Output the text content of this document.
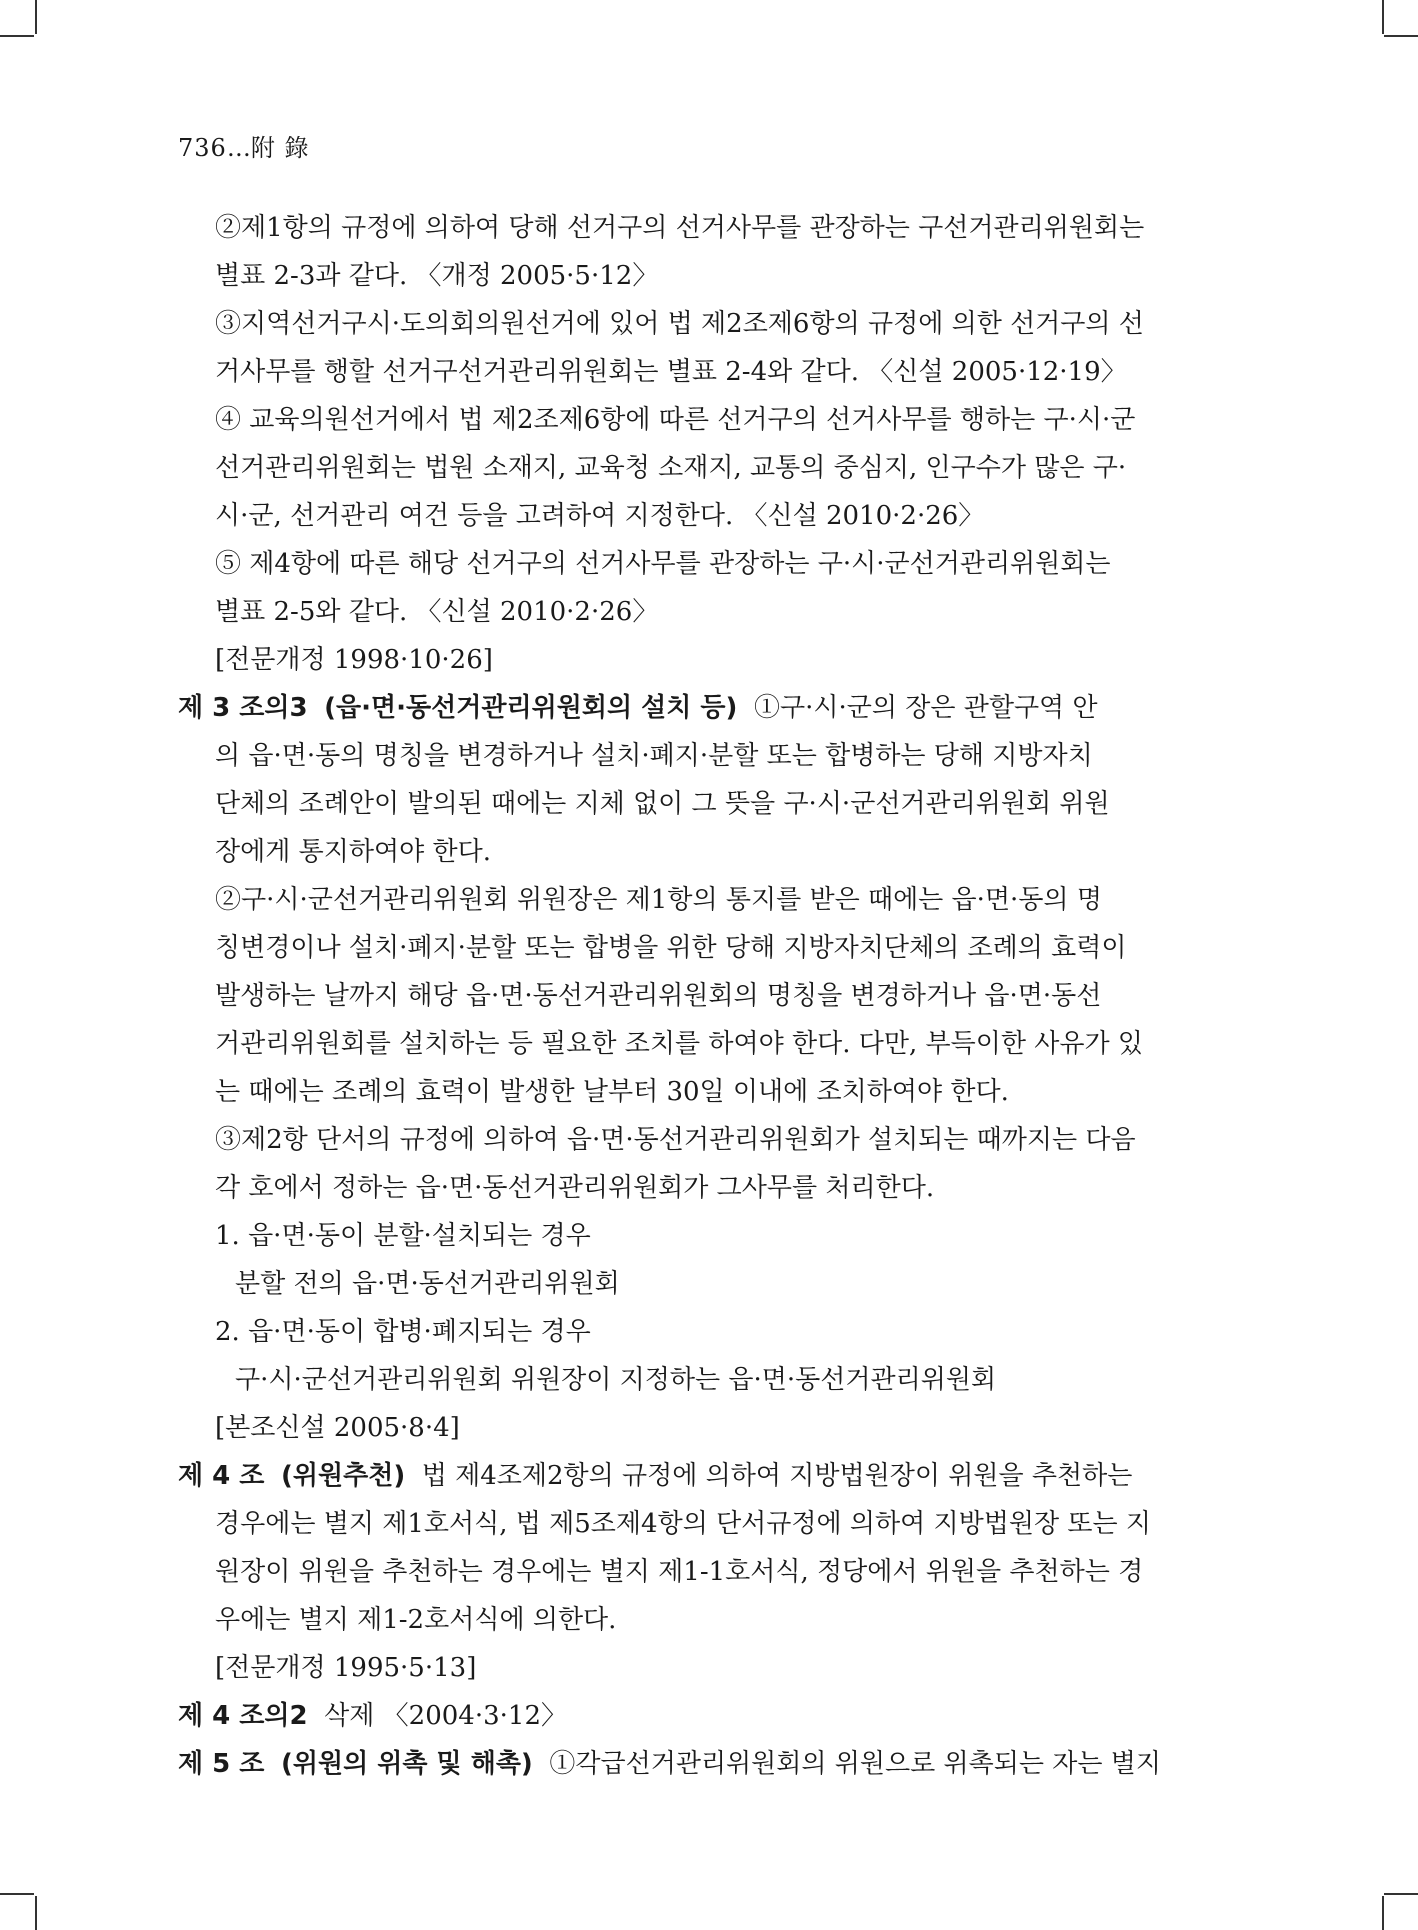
736…附 錄
②제1항의 규정에 의하여 당해 선거구의 선거사무를 관장하는 구선거관리위원회는
별표 2-3과 같다. 〈개정 2005·5·12〉
③지역선거구시·도의회의원선거에 있어 법 제2조제6항의 규정에 의한 선거구의 선
거사무를 행할 선거구선거관리위원회는 별표 2-4와 같다. 〈신설 2005·12·19〉
④ 교육의원선거에서 법 제2조제6항에 따른 선거구의 선거사무를 행하는 구·시·군
선거관리위원회는 법원 소재지, 교육청 소재지, 교통의 중심지, 인구수가 많은 구·
시·군, 선거관리 여건 등을 고려하여 지정한다. 〈신설 2010·2·26〉
⑤ 제4항에 따른 해당 선거구의 선거사무를 관장하는 구·시·군선거관리위원회는
별표 2-5와 같다. 〈신설 2010·2·26〉
[전문개정 1998·10·26]
제 3 조의3 (읍·면·동선거관리위원회의 설치 등) ①구·시·군의 장은 관할구역 안
의 읍·면·동의 명칭을 변경하거나 설치·폐지·분할 또는 합병하는 당해 지방자치
단체의 조례안이 발의된 때에는 지체 없이 그 뜻을 구·시·군선거관리위원회 위원
장에게 통지하여야 한다.
②구·시·군선거관리위원회 위원장은 제1항의 통지를 받은 때에는 읍·면·동의 명
칭변경이나 설치·폐지·분할 또는 합병을 위한 당해 지방자치단체의 조례의 효력이
발생하는 날까지 해당 읍·면·동선거관리위원회의 명칭을 변경하거나 읍·면·동선
거관리위원회를 설치하는 등 필요한 조치를 하여야 한다. 다만, 부득이한 사유가 있
는 때에는 조례의 효력이 발생한 날부터 30일 이내에 조치하여야 한다.
③제2항 단서의 규정에 의하여 읍·면·동선거관리위원회가 설치되는 때까지는 다음
각 호에서 정하는 읍·면·동선거관리위원회가 그사무를 처리한다.
1. 읍·면·동이 분할·설치되는 경우
분할 전의 읍·면·동선거관리위원회
2. 읍·면·동이 합병·폐지되는 경우
구·시·군선거관리위원회 위원장이 지정하는 읍·면·동선거관리위원회
[본조신설 2005·8·4]
제 4 조 (위원추천) 법 제4조제2항의 규정에 의하여 지방법원장이 위원을 추천하는
경우에는 별지 제1호서식, 법 제5조제4항의 단서규정에 의하여 지방법원장 또는 지
원장이 위원을 추천하는 경우에는 별지 제1-1호서식, 정당에서 위원을 추천하는 경
우에는 별지 제1-2호서식에 의한다.
[전문개정 1995·5·13]
제 4 조의2 삭제 〈2004·3·12〉
제 5 조 (위원의 위촉 및 해촉) ①각급선거관리위원회의 위원으로 위촉되는 자는 별지
